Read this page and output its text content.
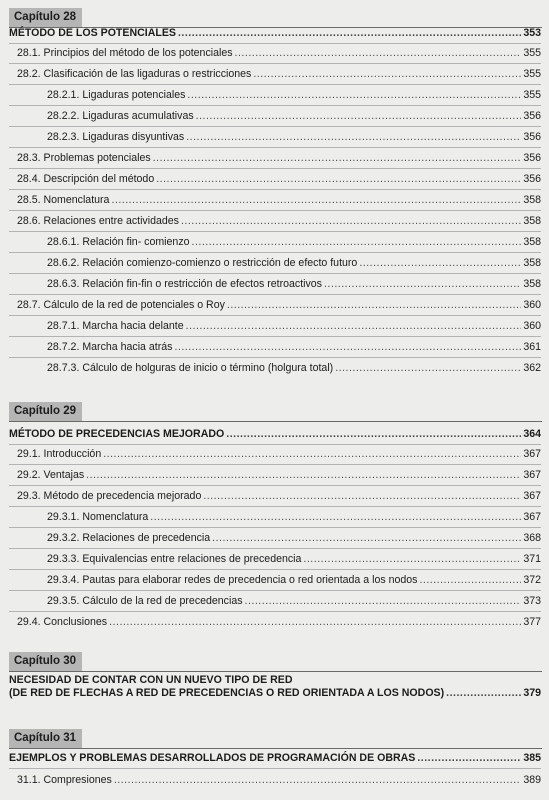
Capítulo 28
MÉTODO DE LOS POTENCIALES .....	353
28.1. Principios del método de los potenciales .....	355
28.2. Clasificación de las ligaduras o restricciones .....	355
28.2.1. Ligaduras potenciales .....	355
28.2.2. Ligaduras acumulativas .....	356
28.2.3. Ligaduras disyuntivas .....	356
28.3. Problemas potenciales .....	356
28.4. Descripción del método .....	356
28.5. Nomenclatura .....	358
28.6. Relaciones entre actividades .....	358
28.6.1. Relación fin- comienzo .....	358
28.6.2. Relación comienzo-comienzo o restricción de efecto futuro .....	358
28.6.3. Relación fin-fin o restricción de efectos retroactivos .....	358
28.7. Cálculo de la red de potenciales o Roy .....	360
28.7.1. Marcha hacia delante .....	360
28.7.2. Marcha hacia atrás .....	361
28.7.3. Cálculo de holguras de inicio o término (holgura total) .....	362
Capítulo 29
MÉTODO DE PRECEDENCIAS MEJORADO .....	364
29.1. Introducción .....	367
29.2. Ventajas .....	367
29.3. Método de precedencia mejorado .....	367
29.3.1. Nomenclatura .....	367
29.3.2. Relaciones de precedencia .....	368
29.3.3. Equivalencias entre relaciones de precedencia .....	371
29.3.4. Pautas para elaborar redes de precedencia o red orientada a los nodos .....	372
29.3.5. Cálculo de la red de precedencias .....	373
29.4. Conclusiones .....	377
Capítulo 30
NECESIDAD DE CONTAR CON UN NUEVO TIPO DE RED
(DE RED DE FLECHAS A RED DE PRECEDENCIAS O RED ORIENTADA A LOS NODOS) .....	379
Capítulo 31
EJEMPLOS Y PROBLEMAS DESARROLLADOS DE PROGRAMACIÓN DE OBRAS .....	385
31.1. Compresiones .....	389
